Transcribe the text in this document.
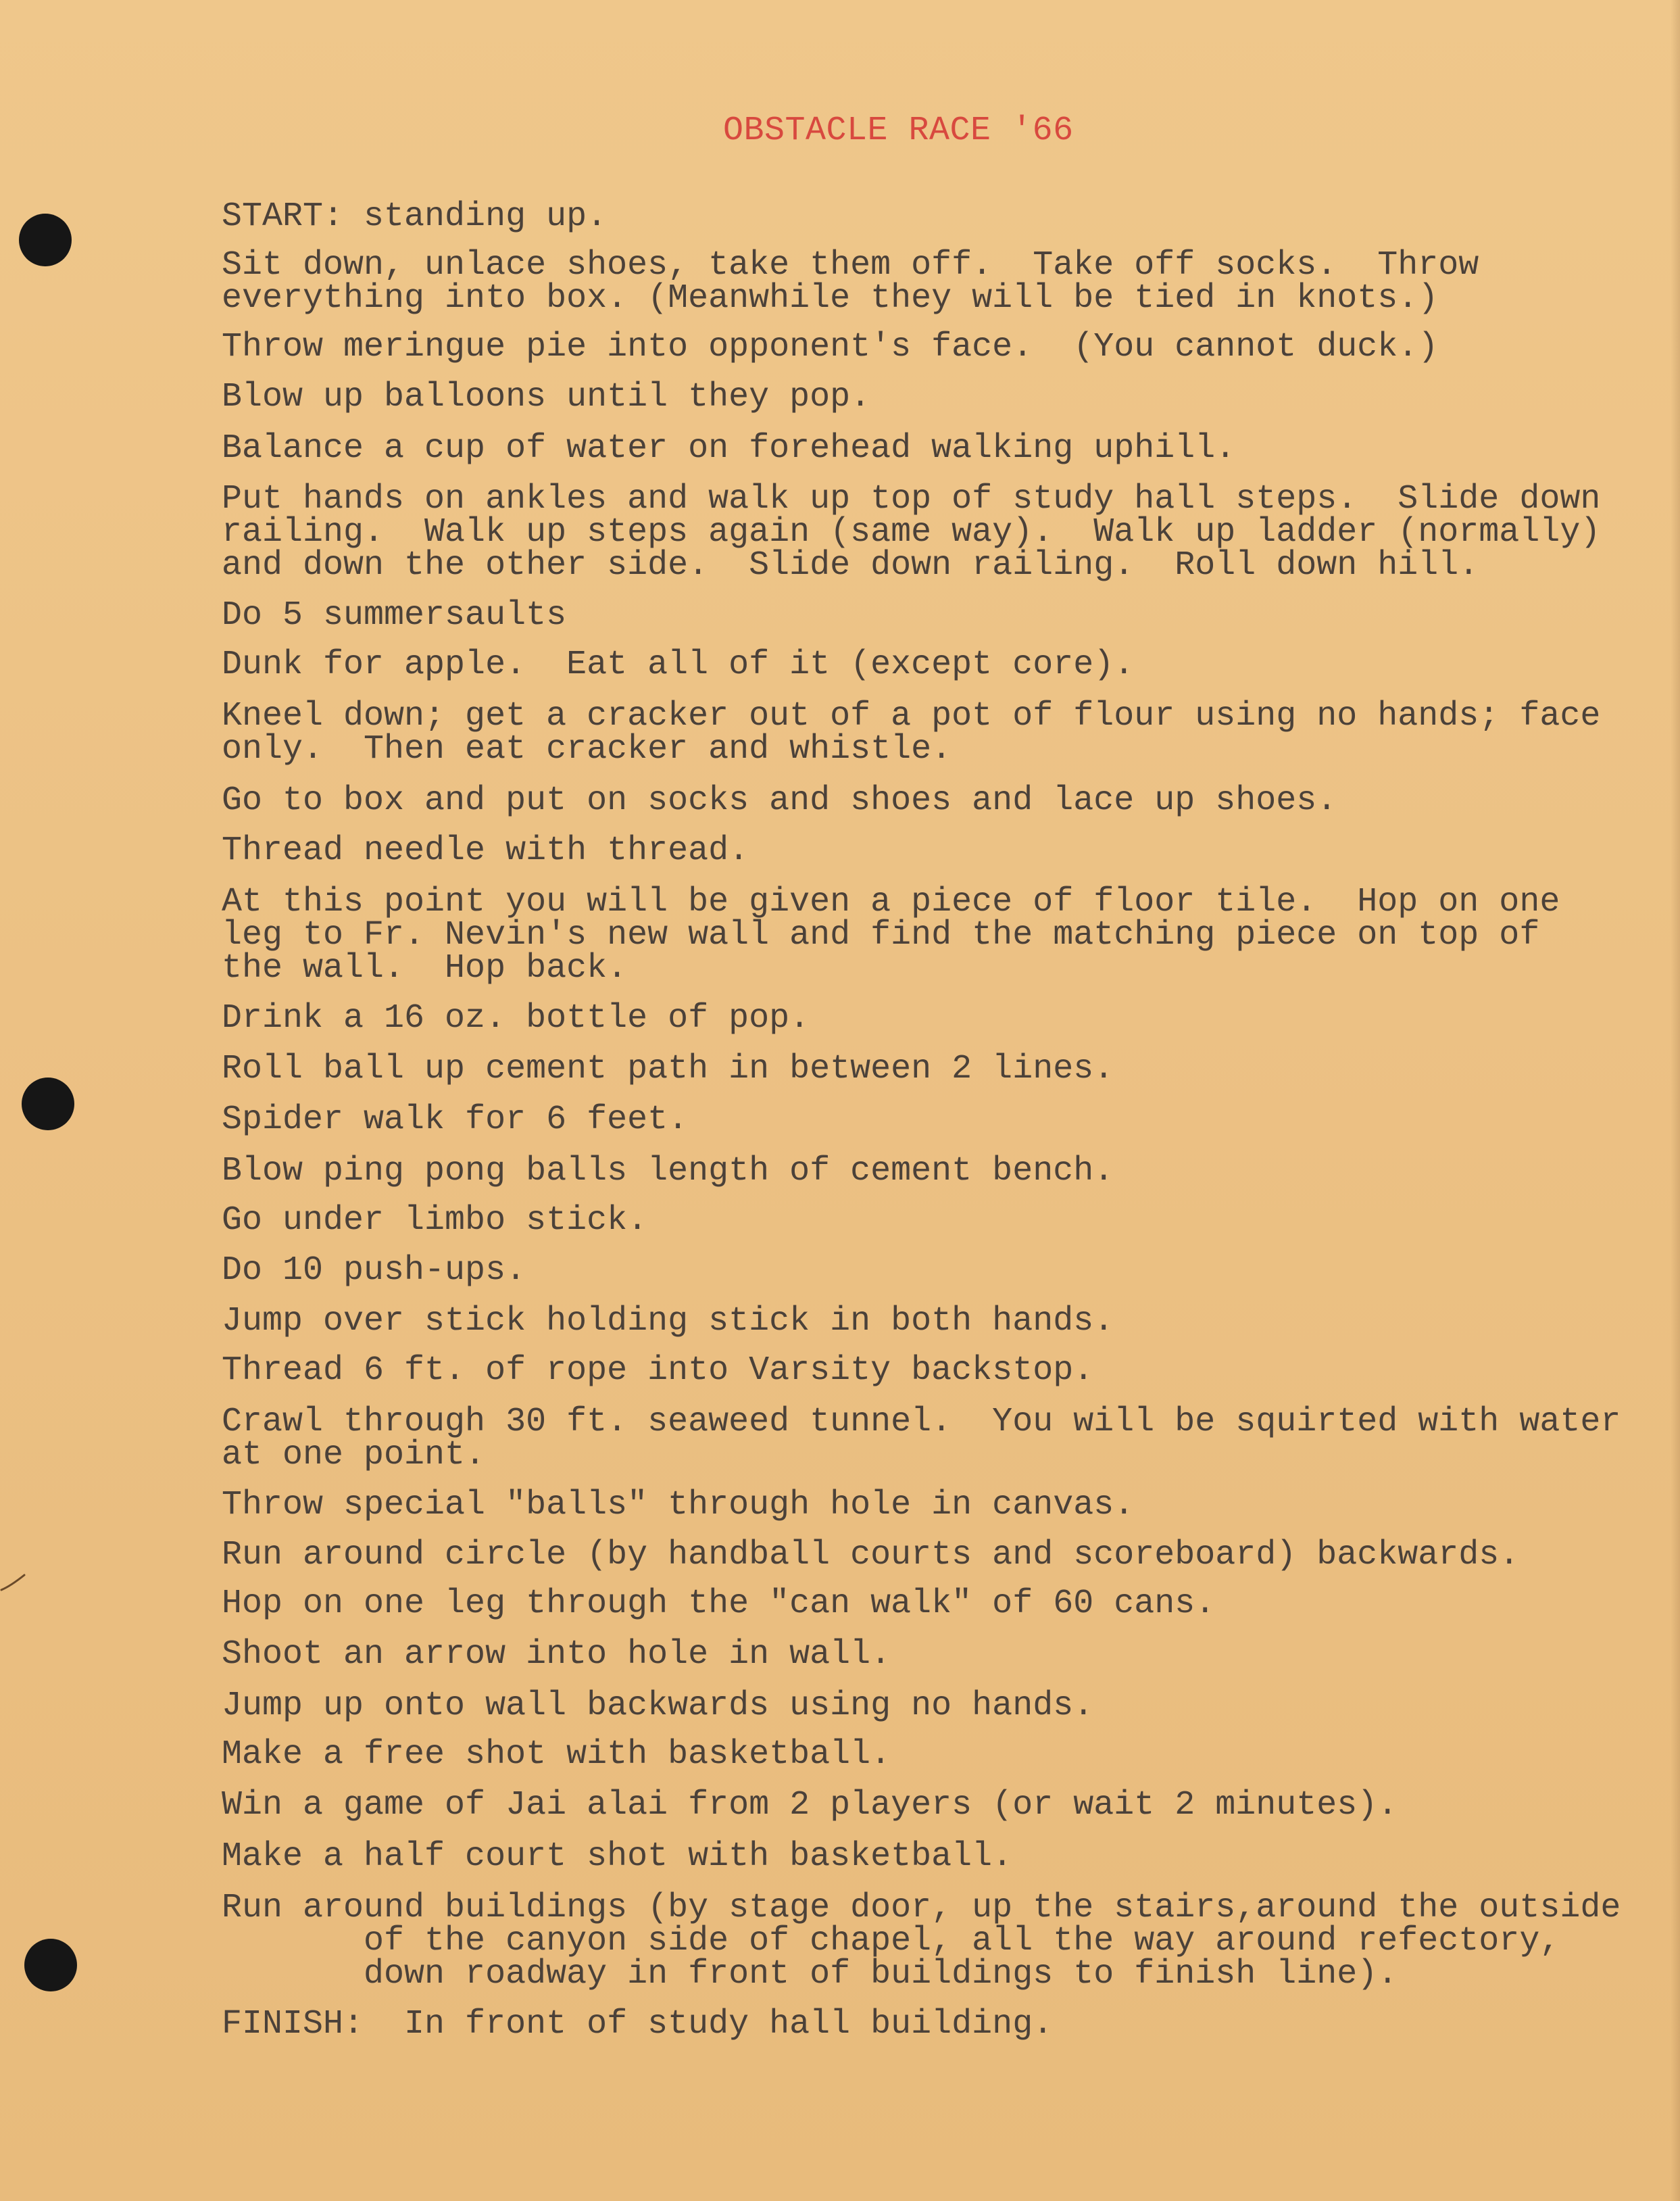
OBSTACLE RACE '66
START: standing up.
Sit down, unlace shoes, take them off.  Take off socks.  Throw
everything into box. (Meanwhile they will be tied in knots.)
Throw meringue pie into opponent's face.  (You cannot duck.)
Blow up balloons until they pop.
Balance a cup of water on forehead walking uphill.
Put hands on ankles and walk up top of study hall steps.  Slide down
railing.  Walk up steps again (same way).  Walk up ladder (normally)
and down the other side.  Slide down railing.  Roll down hill.
Do 5 summersaults
Dunk for apple.  Eat all of it (except core).
Kneel down; get a cracker out of a pot of flour using no hands; face
only.  Then eat cracker and whistle.
Go to box and put on socks and shoes and lace up shoes.
Thread needle with thread.
At this point you will be given a piece of floor tile.  Hop on one
leg to Fr. Nevin's new wall and find the matching piece on top of
the wall.  Hop back.
Drink a 16 oz. bottle of pop.
Roll ball up cement path in between 2 lines.
Spider walk for 6 feet.
Blow ping pong balls length of cement bench.
Go under limbo stick.
Do 10 push-ups.
Jump over stick holding stick in both hands.
Thread 6 ft. of rope into Varsity backstop.
Crawl through 30 ft. seaweed tunnel.  You will be squirted with water
at one point.
Throw special "balls" through hole in canvas.
Run around circle (by handball courts and scoreboard) backwards.
Hop on one leg through the "can walk" of 60 cans.
Shoot an arrow into hole in wall.
Jump up onto wall backwards using no hands.
Make a free shot with basketball.
Win a game of Jai alai from 2 players (or wait 2 minutes).
Make a half court shot with basketball.
Run around buildings (by stage door, up the stairs,around the outside
of the canyon side of chapel, all the way around refectory,
down roadway in front of buildings to finish line).
FINISH:  In front of study hall building.
